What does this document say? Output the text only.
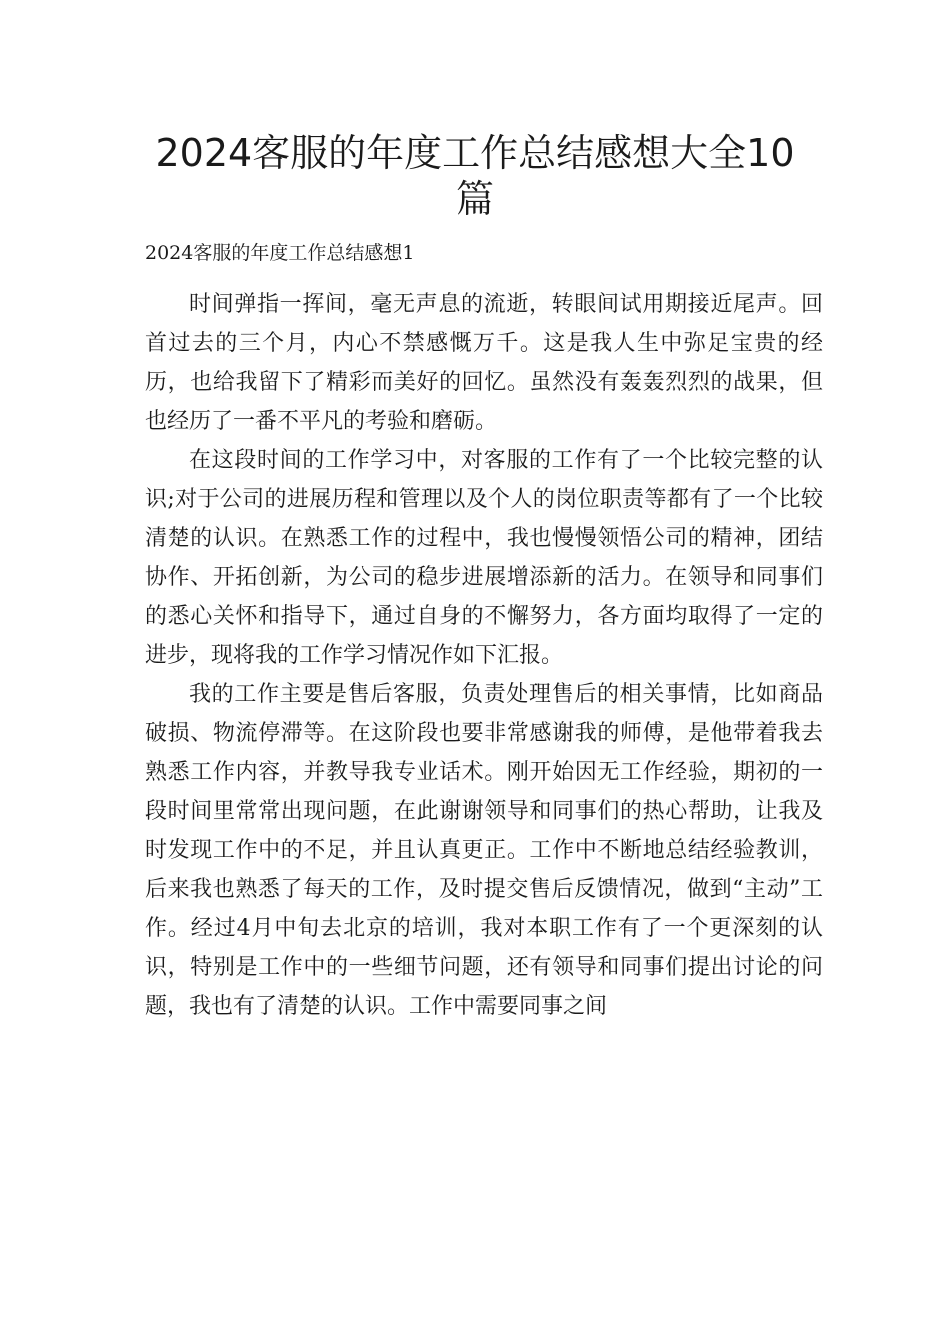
2024客服的年度工作总结感想大全10篇

2024客服的年度工作总结感想1

时间弹指一挥间，毫无声息的流逝，转眼间试用期接近尾声。回首过去的三个月，内心不禁感慨万千。这是我人生中弥足宝贵的经历，也给我留下了精彩而美好的回忆。虽然没有轰轰烈烈的战果，但也经历了一番不平凡的考验和磨砺。

在这段时间的工作学习中，对客服的工作有了一个比较完整的认识;对于公司的进展历程和管理以及个人的岗位职责等都有了一个比较清楚的认识。在熟悉工作的过程中，我也慢慢领悟公司的精神，团结协作、开拓创新，为公司的稳步进展增添新的活力。在领导和同事们的悉心关怀和指导下，通过自身的不懈努力，各方面均取得了一定的进步，现将我的工作学习情况作如下汇报。

我的工作主要是售后客服，负责处理售后的相关事情，比如商品破损、物流停滞等。在这阶段也要非常感谢我的师傅，是他带着我去熟悉工作内容，并教导我专业话术。刚开始因无工作经验，期初的一段时间里常常出现问题，在此谢谢领导和同事们的热心帮助，让我及时发现工作中的不足，并且认真更正。工作中不断地总结经验教训，后来我也熟悉了每天的工作，及时提交售后反馈情况，做到“主动”工作。经过4月中旬去北京的培训，我对本职工作有了一个更深刻的认识，特别是工作中的一些细节问题，还有领导和同事们提出讨论的问题，我也有了清楚的认识。工作中需要同事之间
